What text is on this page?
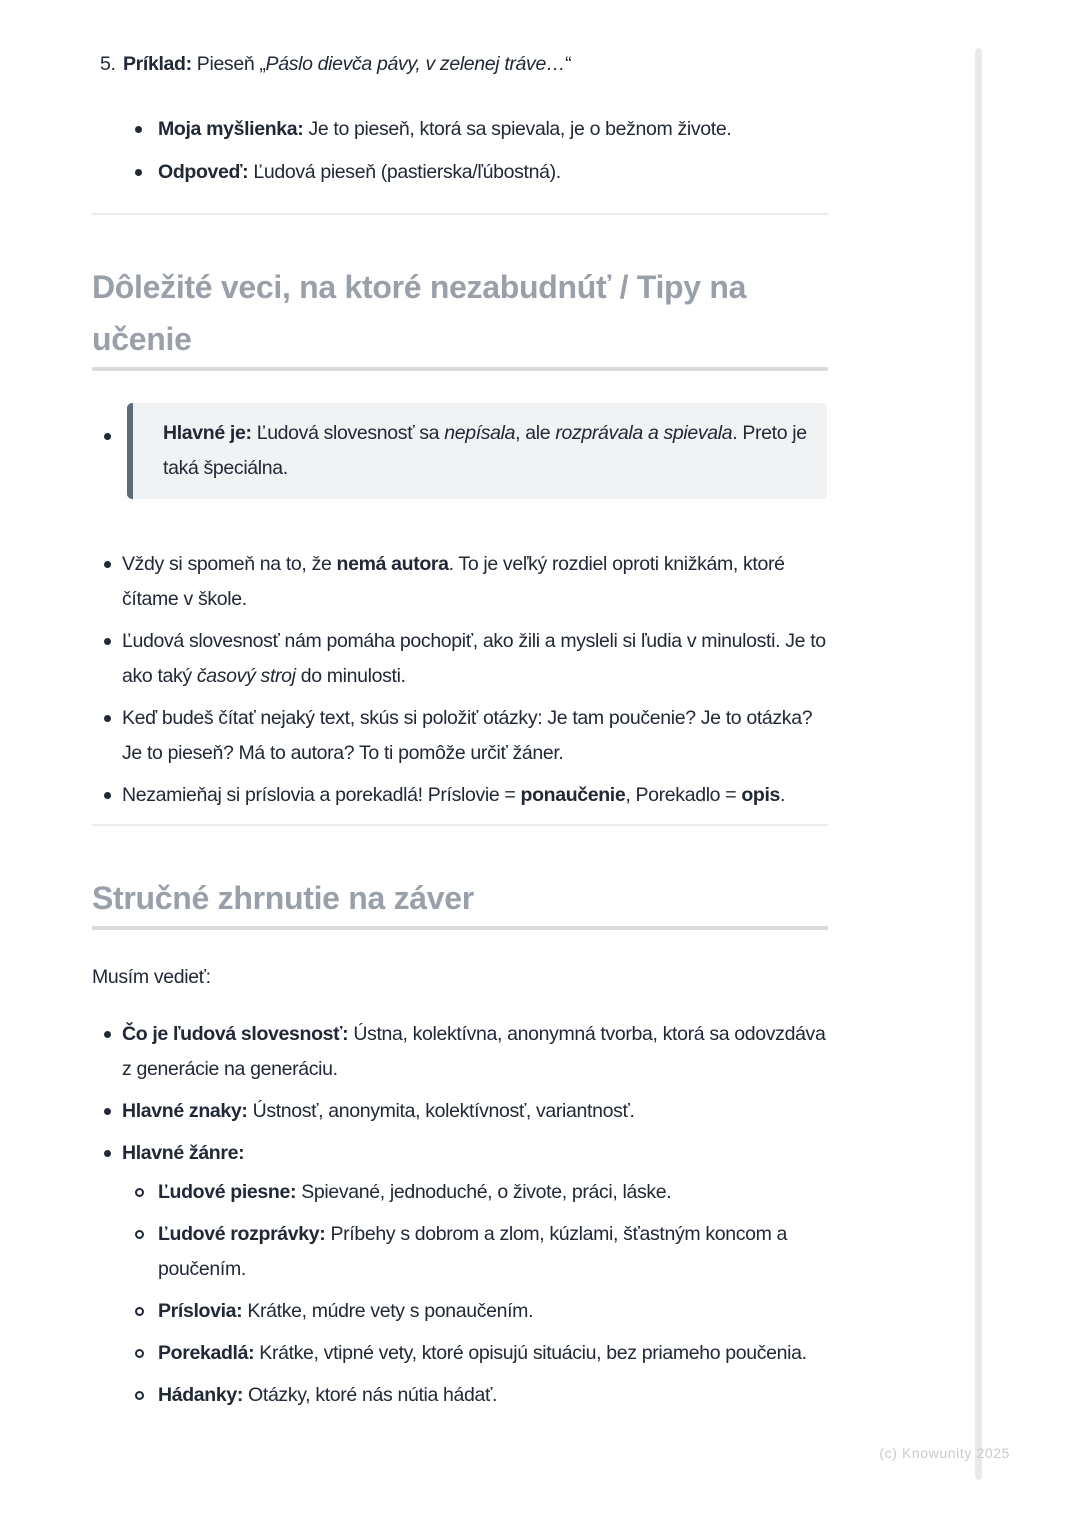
5. Príklad: Pieseň „Páslo dievča pávy, v zelenej tráve…“
Moja myšlienka: Je to pieseň, ktorá sa spievala, je o bežnom živote.
Odpoveď: Ľudová pieseň (pastierska/ľúbostná).
Dôležité veci, na ktoré nezabudnúť / Tipy na učenie
Hlavné je: Ľudová slovesnosť sa nepísala, ale rozprávala a spievala. Preto je taká špeciálna.
Vždy si spomeň na to, že nemá autora. To je veľký rozdiel oproti knižkám, ktoré čítame v škole.
Ľudová slovesnosť nám pomáha pochopiť, ako žili a mysleli si ľudia v minulosti. Je to ako taký časový stroj do minulosti.
Keď budeš čítať nejaký text, skús si položiť otázky: Je tam poučenie? Je to otázka? Je to pieseň? Má to autora? To ti pomôže určiť žáner.
Nezamieňaj si príslovia a porekadlá! Príslovie = ponaučenie, Porekadlo = opis.
Stručné zhrnutie na záver

Musím vedieť:

Čo je ľudová slovesnosť: Ústna, kolektívna, anonymná tvorba, ktorá sa odovzdáva z generácie na generáciu.
Hlavné znaky: Ústnosť, anonymita, kolektívnosť, variantnosť.
Hlavné žánre:
Ľudové piesne: Spievané, jednoduché, o živote, práci, láske.
Ľudové rozprávky: Príbehy s dobrom a zlom, kúzlami, šťastným koncom a poučením.
Príslovia: Krátke, múdre vety s ponaučením.
Porekadlá: Krátke, vtipné vety, ktoré opisujú situáciu, bez priameho poučenia.
Hádanky: Otázky, ktoré nás nútia hádať.
(c) Knowunity 2025
